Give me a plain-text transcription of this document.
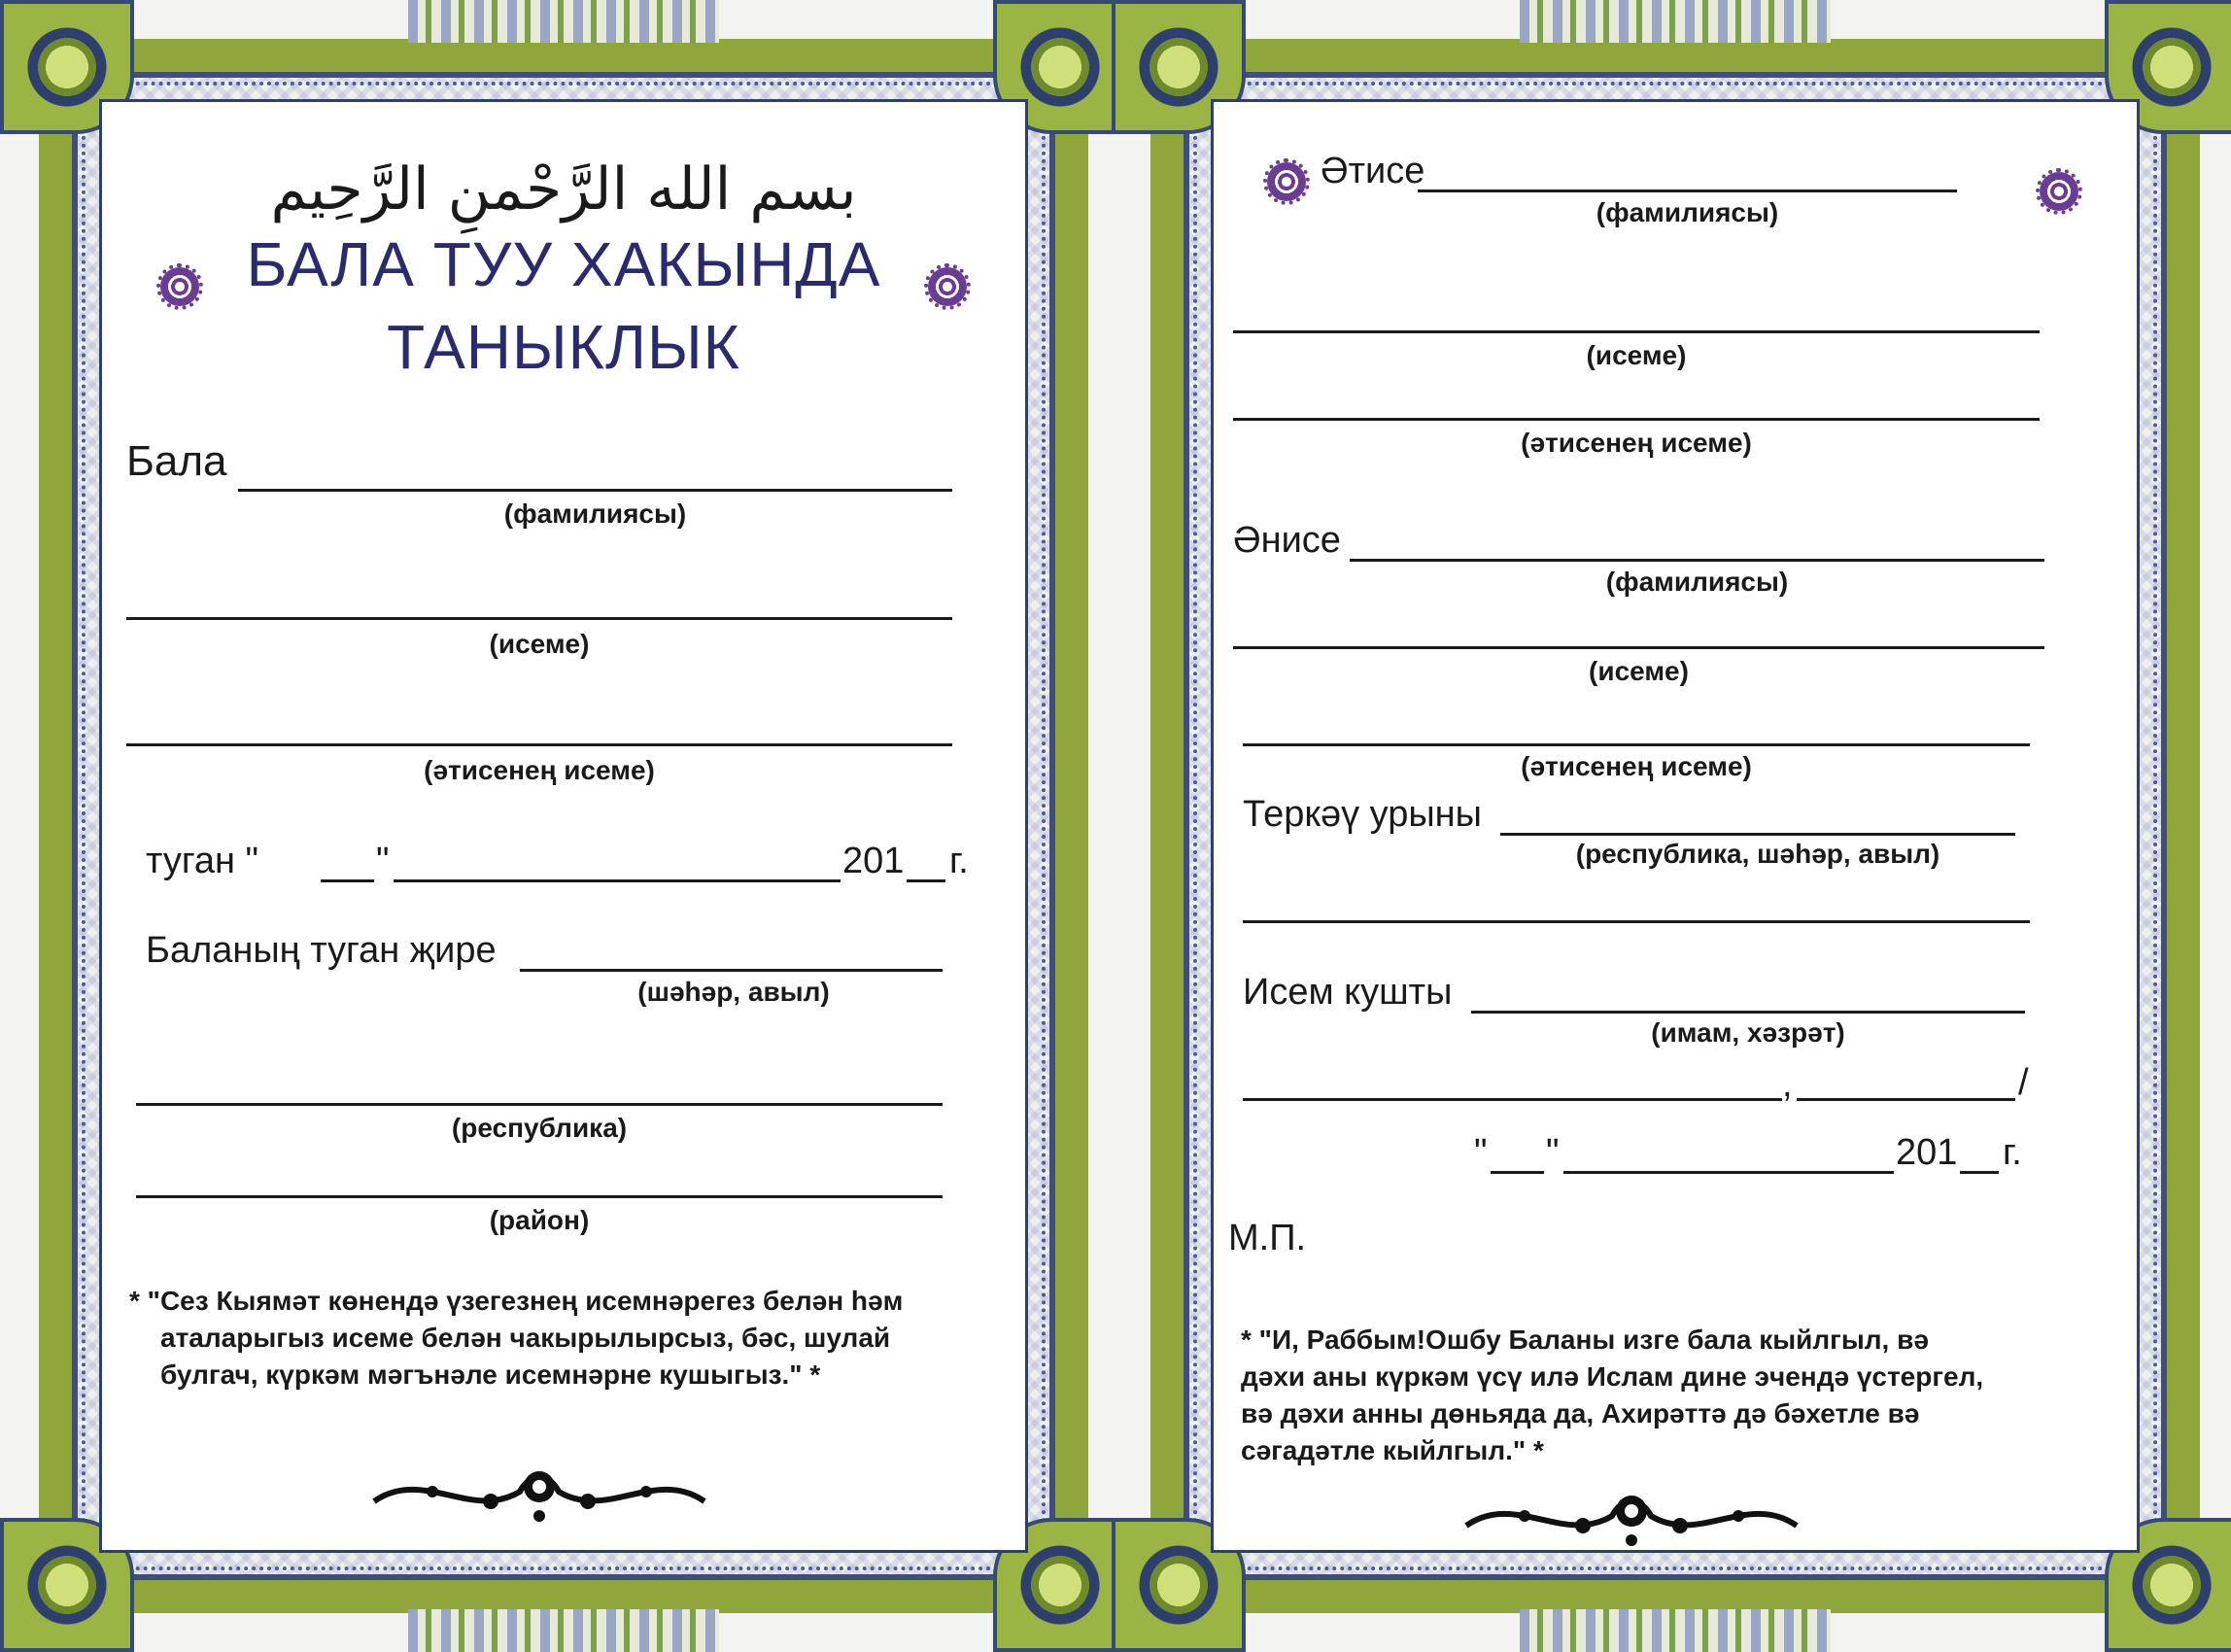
بسم الله الرَّحْمنِ الرَّحِيم
БАЛА ТУУ ХАКЫНДА
ТАНЫКЛЫК
Бала
(фамилиясы)
(исеме)
(әтисенең исеме)
туган "	"	201 г.
Баланың туган җире
(шәһәр, авыл)
(республика)
(район)
* "Сез Кыямәт көнендә үзегезнең исемнәрегез белән һәм
аталарыгыз исеме белән чакырылырсыз, бәс, шулай
булгач, күркәм мәгънәле исемнәрне кушыгыз." *
Әтисе
(фамилиясы)
(исеме)
(әтисенең исеме)
Әнисе
(фамилиясы)
(исеме)
(әтисенең исеме)
Теркәү урыны
(республика, шәһәр, авыл)
Исем кушты
(имам, хәзрәт)
,	/
" "	201 г.
М.П.
* "И, Раббым!Ошбу Баланы изге бала кыйлгыл, вә
дәхи аны күркәм үсү илә Ислам дине эчендә үстергел,
вә дәхи анны дөньяда да, Ахирәттә дә бәхетле вә
сәгадәтле кыйлгыл." *
